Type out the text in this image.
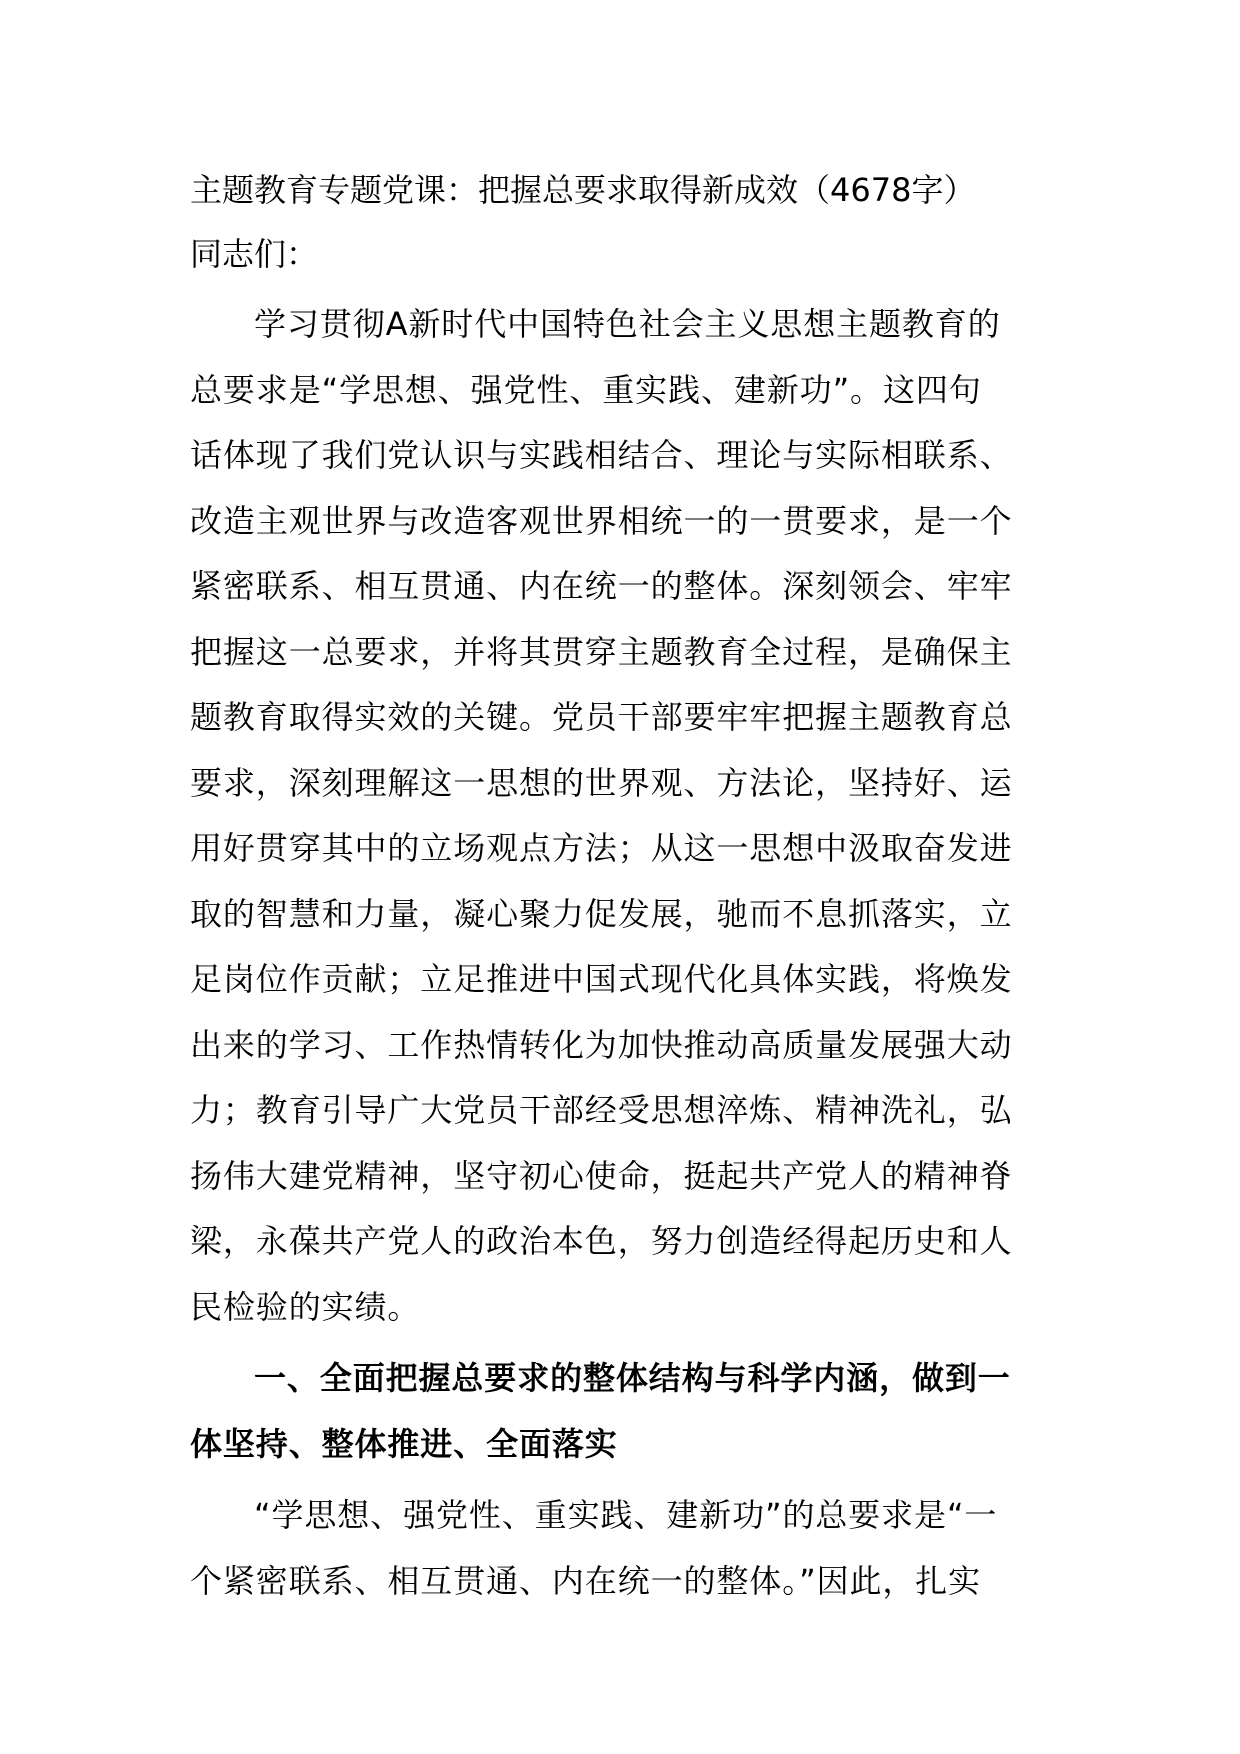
主题教育专题党课：把握总要求取得新成效（4678字）

同志们：

学习贯彻A新时代中国特色社会主义思想主题教育的
总要求是“学思想、强党性、重实践、建新功”。这四句
话体现了我们党认识与实践相结合、理论与实际相联系、
改造主观世界与改造客观世界相统一的一贯要求，是一个
紧密联系、相互贯通、内在统一的整体。深刻领会、牢牢
把握这一总要求，并将其贯穿主题教育全过程，是确保主
题教育取得实效的关键。党员干部要牢牢把握主题教育总
要求，深刻理解这一思想的世界观、方法论，坚持好、运
用好贯穿其中的立场观点方法；从这一思想中汲取奋发进
取的智慧和力量，凝心聚力促发展，驰而不息抓落实，立
足岗位作贡献；立足推进中国式现代化具体实践，将焕发
出来的学习、工作热情转化为加快推动高质量发展强大动
力；教育引导广大党员干部经受思想淬炼、精神洗礼，弘
扬伟大建党精神，坚守初心使命，挺起共产党人的精神脊
梁，永葆共产党人的政治本色，努力创造经得起历史和人
民检验的实绩。
一、全面把握总要求的整体结构与科学内涵，做到一
体坚持、整体推进、全面落实
“学思想、强党性、重实践、建新功”的总要求是“一
个紧密联系、相互贯通、内在统一的整体。”因此，扎实
